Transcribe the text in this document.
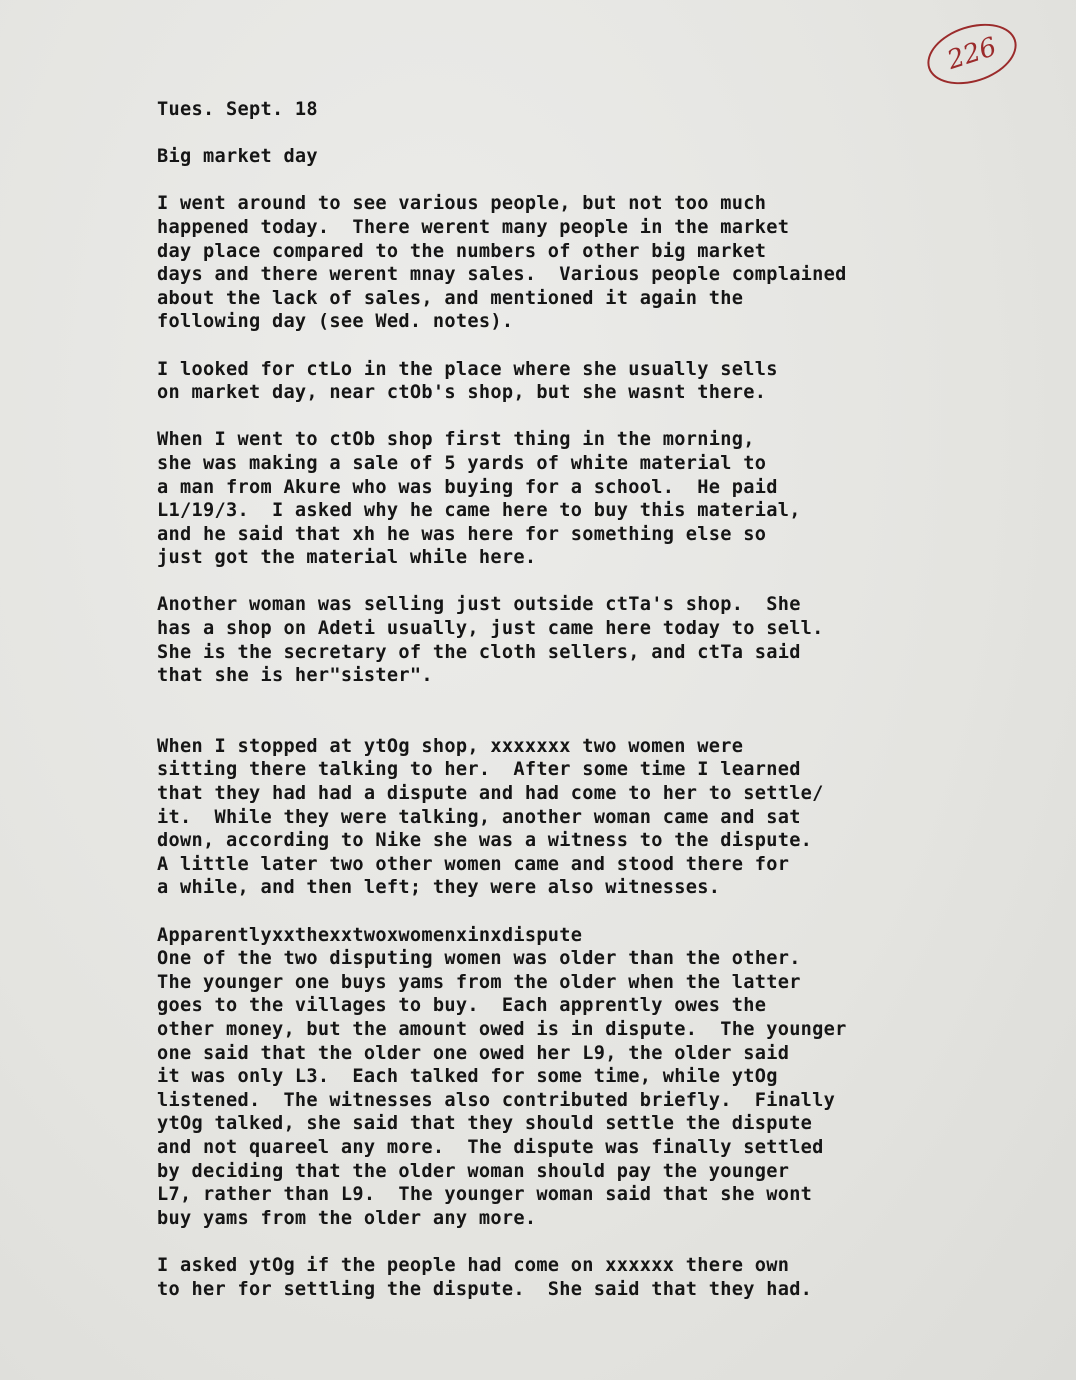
226
Tues. Sept. 18
Big market day
I went around to see various people, but not too much
happened today.  There werent many people in the market
day place compared to the numbers of other big market
days and there werent mnay sales.  Various people complained
about the lack of sales, and mentioned it again the
following day (see Wed. notes).
I looked for ctLo in the place where she usually sells
on market day, near ctOb's shop, but she wasnt there.
When I went to ctOb shop first thing in the morning,
she was making a sale of 5 yards of white material to
a man from Akure who was buying for a school.  He paid
L1/19/3.  I asked why he came here to buy this material,
and he said that xh he was here for something else so
just got the material while here.
Another woman was selling just outside ctTa's shop.  She
has a shop on Adeti usually, just came here today to sell.
She is the secretary of the cloth sellers, and ctTa said
that she is her"sister".
When I stopped at ytOg shop, xxxxxxx two women were
sitting there talking to her.  After some time I learned
that they had had a dispute and had come to her to settle/
it.  While they were talking, another woman came and sat
down, according to Nike she was a witness to the dispute.
A little later two other women came and stood there for
a while, and then left; they were also witnesses.
Apparentlyxxthexxtwoxwomenxinxdispute
One of the two disputing women was older than the other.
The younger one buys yams from the older when the latter
goes to the villages to buy.  Each apprently owes the
other money, but the amount owed is in dispute.  The younger
one said that the older one owed her L9, the older said
it was only L3.  Each talked for some time, while ytOg
listened.  The witnesses also contributed briefly.  Finally
ytOg talked, she said that they should settle the dispute
and not quareel any more.  The dispute was finally settled
by deciding that the older woman should pay the younger
L7, rather than L9.  The younger woman said that she wont
buy yams from the older any more.
I asked ytOg if the people had come on xxxxxx there own
to her for settling the dispute.  She said that they had.
